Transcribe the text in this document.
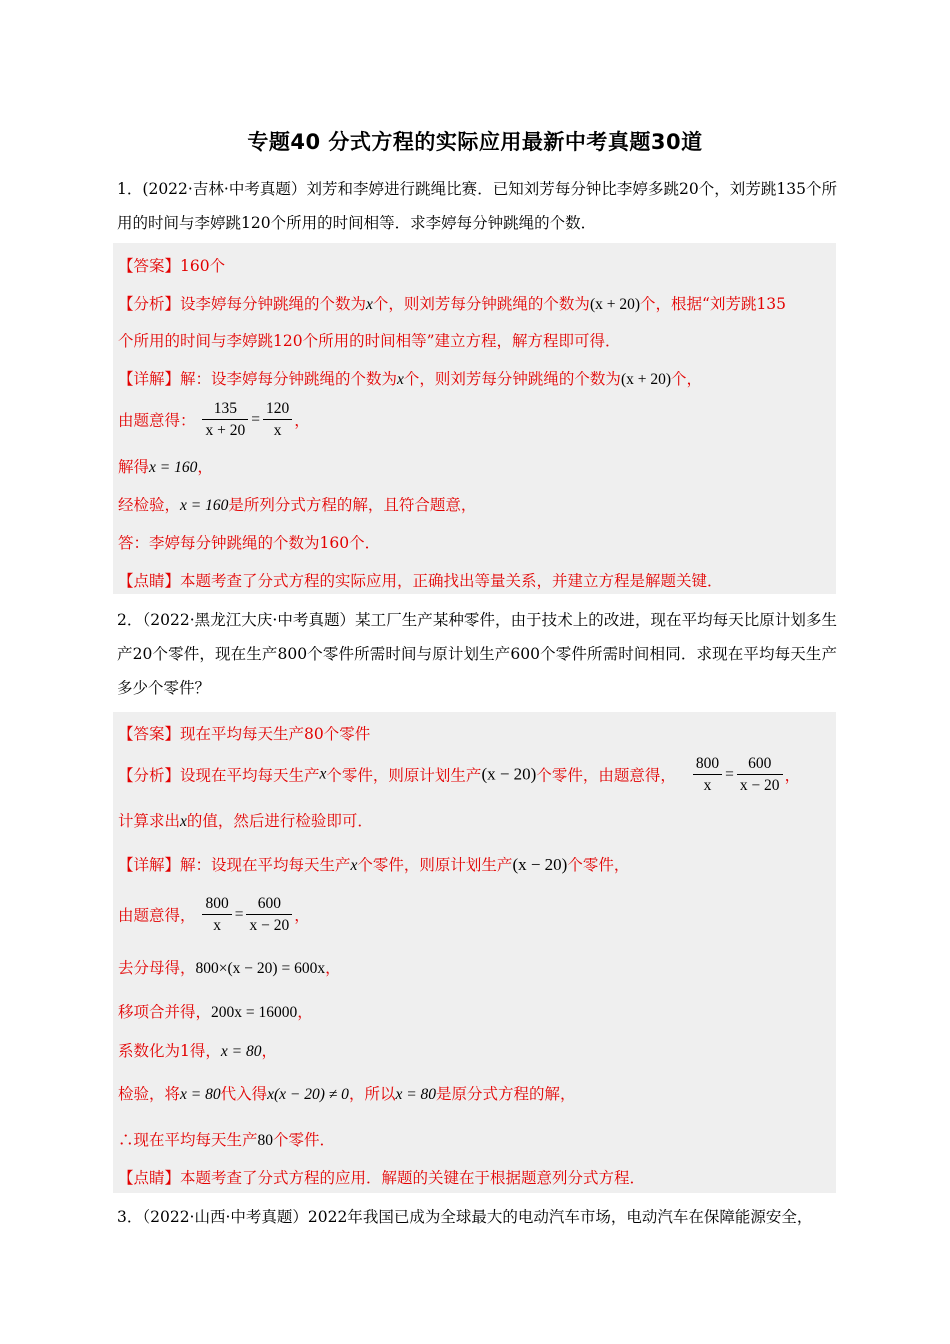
专题40 分式方程的实际应用最新中考真题30道
1．(2022·吉林·中考真题）刘芳和李婷进行跳绳比赛．已知刘芳每分钟比李婷多跳20个，刘芳跳135个所用的时间与李婷跳120个所用的时间相等．求李婷每分钟跳绳的个数．
【答案】160个
【分析】设李婷每分钟跳绳的个数为x个，则刘芳每分钟跳绳的个数为(x + 20)个，根据“刘芳跳135
个所用的时间与李婷跳120个所用的时间相等”建立方程，解方程即可得．
【详解】解：设李婷每分钟跳绳的个数为x个，则刘芳每分钟跳绳的个数为(x + 20)个，
由题意得： $\frac{135}{x + 20} = \frac{120}{x}$ ，
解得x = 160，
经检验，x = 160是所列分式方程的解，且符合题意，
答：李婷每分钟跳绳的个数为160个．
【点睛】本题考查了分式方程的实际应用，正确找出等量关系，并建立方程是解题关键．
2．（2022·黑龙江大庆·中考真题）某工厂生产某种零件，由于技术上的改进，现在平均每天比原计划多生产20个零件，现在生产800个零件所需时间与原计划生产600个零件所需时间相同．求现在平均每天生产多少个零件？
【答案】现在平均每天生产80个零件
【分析】设现在平均每天生产x个零件，则原计划生产(x − 20)个零件，由题意得， $\frac{800}{x} = \frac{600}{x - 20}$ ，
计算求出x的值，然后进行检验即可．
【详解】解：设现在平均每天生产x个零件，则原计划生产(x − 20)个零件，
由题意得， $\frac{800}{x} = \frac{600}{x - 20}$ ，
去分母得，800×(x − 20) = 600x，
移项合并得，200x = 16000，
系数化为1得，x = 80，
检验，将x = 80代入得x(x − 20) ≠ 0，所以x = 80是原分式方程的解，
∴现在平均每天生产80个零件．
【点睛】本题考查了分式方程的应用．解题的关键在于根据题意列分式方程．
3．（2022·山西·中考真题）2022年我国已成为全球最大的电动汽车市场，电动汽车在保障能源安全，
